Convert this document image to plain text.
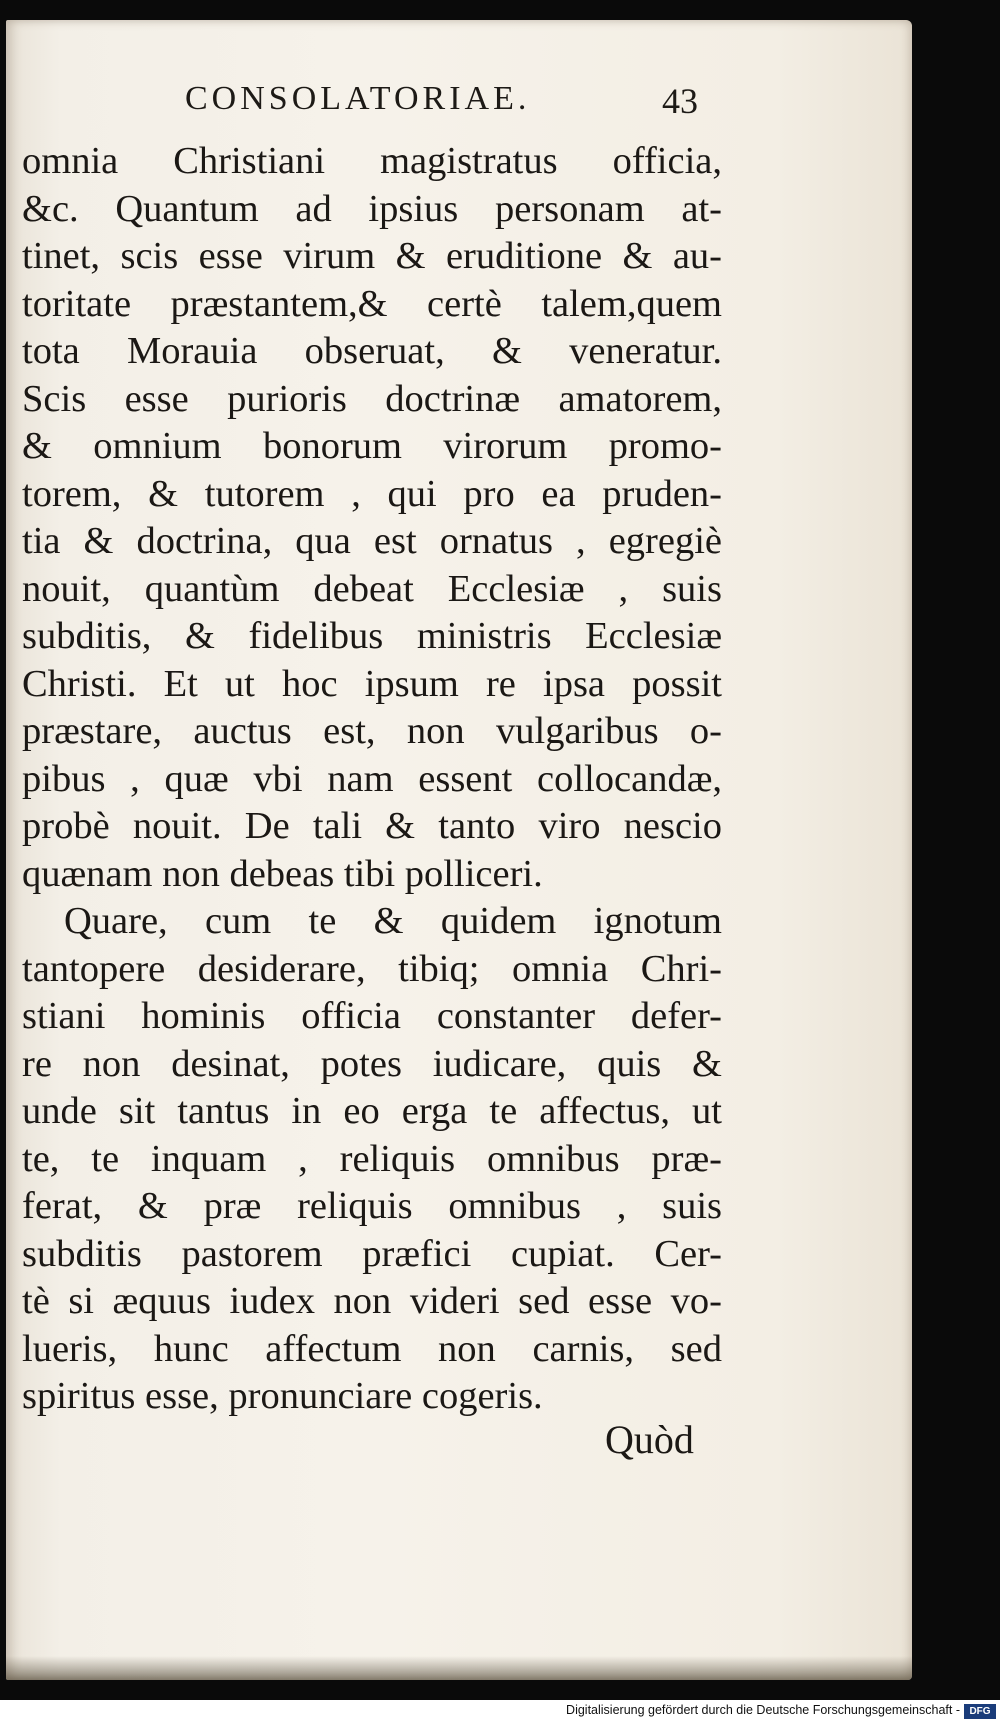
CONSOLATORIAE.	43
omnia Christiani magistratus officia,
&c. Quantum ad ipsius personam at-
tinet, scis esse virum & eruditione & au-
toritate præstantem,& certè talem,quem
tota Morauia obseruat, & veneratur.
Scis esse purioris doctrinæ amatorem,
& omnium bonorum virorum promo-
torem, & tutorem , qui pro ea pruden-
tia & doctrina, qua est ornatus , egregiè
nouit, quantùm debeat Ecclesiæ , suis
subditis, & fidelibus ministris Ecclesiæ
Christi. Et ut hoc ipsum re ipsa possit
præstare, auctus est, non vulgaribus o-
pibus , quæ vbi nam essent collocandæ,
probè nouit. De tali & tanto viro nescio
quænam non debeas tibi polliceri.
Quare, cum te & quidem ignotum
tantopere desiderare, tibiq; omnia Chri-
stiani hominis officia constanter defer-
re non desinat, potes iudicare, quis &
unde sit tantus in eo erga te affectus, ut
te, te inquam , reliquis omnibus præ-
ferat, & præ reliquis omnibus , suis
subditis pastorem præfici cupiat. Cer-
tè si æquus iudex non videri sed esse vo-
lueris, hunc affectum non carnis, sed
spiritus esse, pronunciare cogeris.
Quòd
Digitalisierung gefördert durch die Deutsche Forschungsgemeinschaft - DFG
